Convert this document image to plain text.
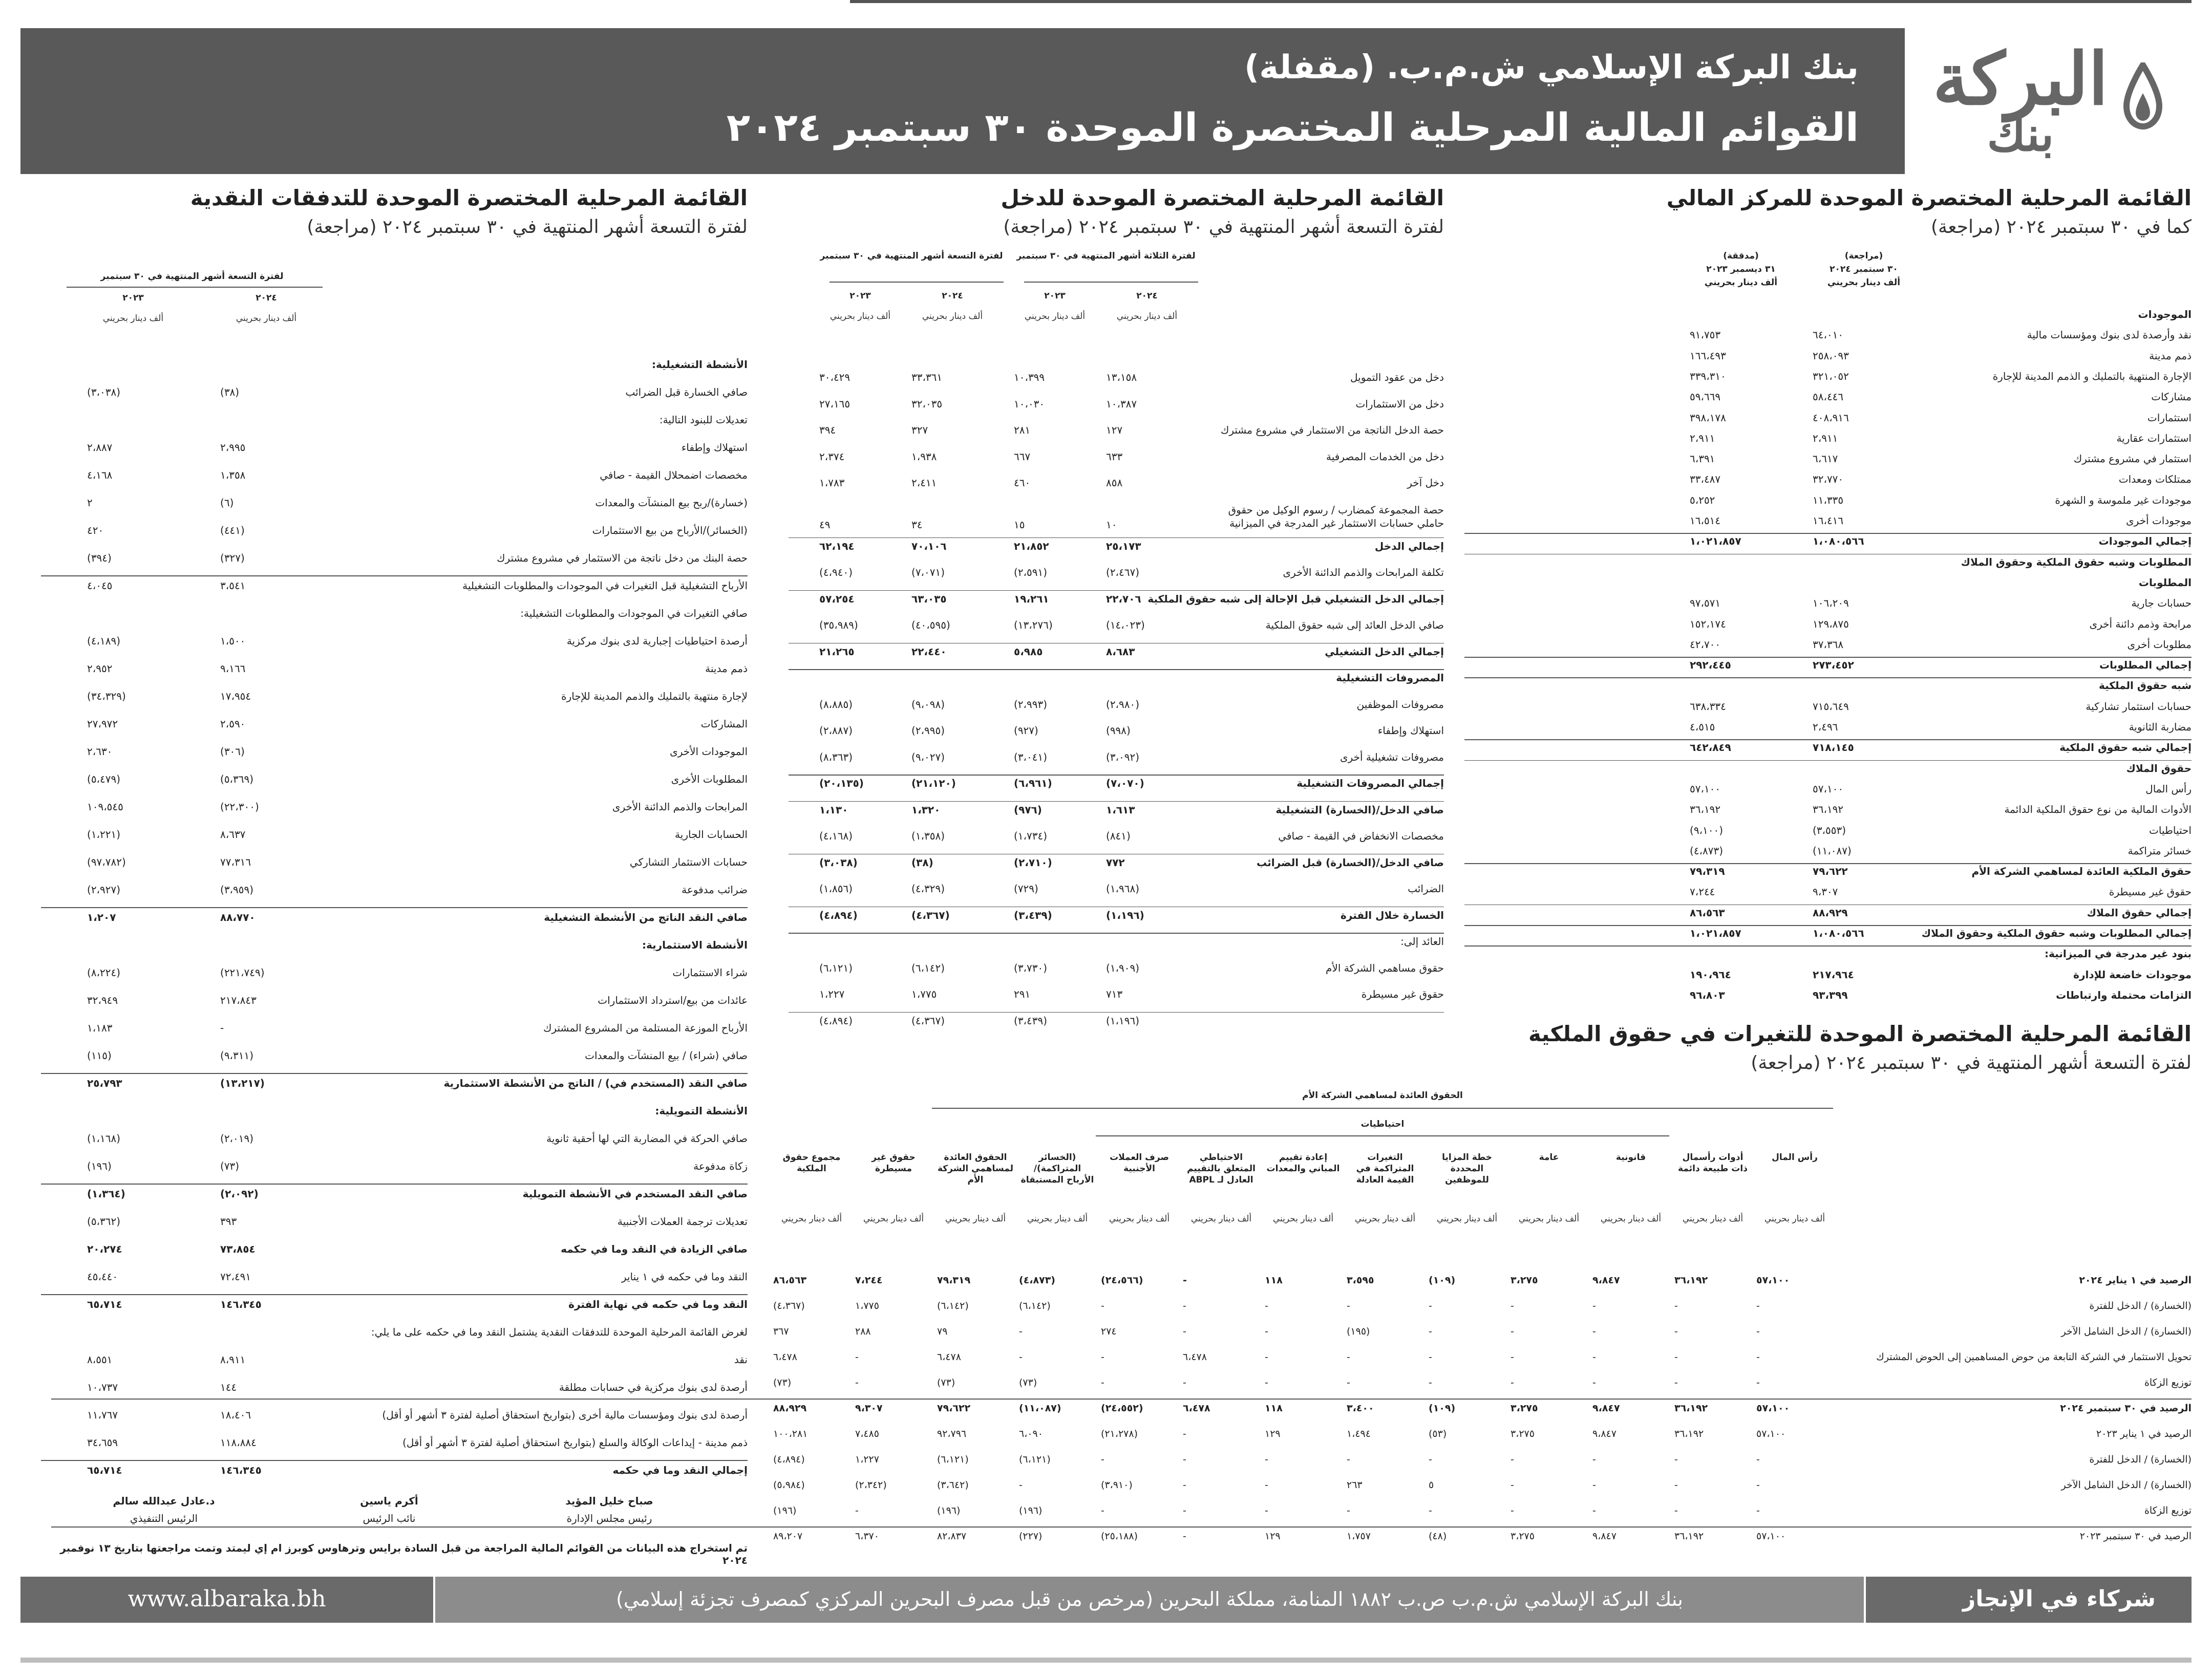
بنك البركة الإسلامي ش.م.ب. (مقفلة)
القوائم المالية المرحلية المختصرة الموحدة ٣٠ سبتمبر ٢٠٢٤
البركة
بنك
القائمة المرحلية المختصرة الموحدة للمركز المالي
كما في ٣٠ سبتمبر ٢٠٢٤ (مراجعة)
القائمة المرحلية المختصرة الموحدة للدخل
لفترة التسعة أشهر المنتهية في ٣٠ سبتمبر ٢٠٢٤ (مراجعة)
القائمة المرحلية المختصرة الموحدة للتدفقات النقدية
لفترة التسعة أشهر المنتهية في ٣٠ سبتمبر ٢٠٢٤ (مراجعة)
القائمة المرحلية المختصرة الموحدة للتغيرات في حقوق الملكية
لفترة التسعة أشهر المنتهية في ٣٠ سبتمبر ٢٠٢٤ (مراجعة)
(مراجعة)
٣٠ سبتمبر ٢٠٢٤
ألف دينار بحريني
(مدققة)
٣١ ديسمبر ٢٠٢٣
ألف دينار بحريني
الموجودات
نقد وأرصدة لدى بنوك ومؤسسات مالية
٦٤،٠١٠
٩١،٧٥٣
ذمم مدينة
٢٥٨،٠٩٣
١٦٦،٤٩٣
الإجارة المنتهية بالتمليك و الذمم المدينة للإجارة
٣٢١،٠٥٢
٣٣٩،٣١٠
مشاركات
٥٨،٤٤٦
٥٩،٦٦٩
استثمارات
٤٠٨،٩١٦
٣٩٨،١٧٨
استثمارات عقارية
٢،٩١١
٢،٩١١
استثمار في مشروع مشترك
٦،٦١٧
٦،٣٩١
ممتلكات ومعدات
٣٢،٧٧٠
٣٣،٤٨٧
موجودات غير ملموسة و الشهرة
١١،٣٣٥
٥،٢٥٢
موجودات أخرى
١٦،٤١٦
١٦،٥١٤
إجمالي الموجودات
١،٠٨٠،٥٦٦
١،٠٢١،٨٥٧
المطلوبات وشبه حقوق الملكية وحقوق الملاك
المطلوبات
حسابات جارية
١٠٦،٢٠٩
٩٧،٥٧١
مرابحة وذمم دائنة أخرى
١٢٩،٨٧٥
١٥٢،١٧٤
مطلوبات أخرى
٣٧،٣٦٨
٤٢،٧٠٠
إجمالي المطلوبات
٢٧٣،٤٥٢
٢٩٢،٤٤٥
شبه حقوق الملكية
حسابات استثمار تشاركية
٧١٥،٦٤٩
٦٣٨،٣٣٤
مضاربة الثانوية
٢،٤٩٦
٤،٥١٥
إجمالي شبه حقوق الملكية
٧١٨،١٤٥
٦٤٢،٨٤٩
حقوق الملاك
رأس المال
٥٧،١٠٠
٥٧،١٠٠
الأدوات المالية من نوع حقوق الملكية الدائمة
٣٦،١٩٢
٣٦،١٩٢
احتياطيات
(٣،٥٥٣)
(٩،١٠٠)
خسائر متراكمة
(١١،٠٨٧)
(٤،٨٧٣)
حقوق الملكية العائدة لمساهمي الشركة الأم
٧٩،٦٢٢
٧٩،٣١٩
حقوق غير مسيطرة
٩،٣٠٧
٧،٢٤٤
إجمالي حقوق الملاك
٨٨،٩٢٩
٨٦،٥٦٣
إجمالي المطلوبات وشبه حقوق الملكية وحقوق الملاك
١،٠٨٠،٥٦٦
١،٠٢١،٨٥٧
بنود غير مدرجة في الميزانية:
موجودات خاضعة للإدارة
٢١٧،٩٦٤
١٩٠،٩٦٤
التزامات محتملة وارتباطات
٩٣،٣٩٩
٩٦،٨٠٣
لفترة الثلاثة أشهر المنتهية في ٣٠ سبتمبر
لفترة التسعة أشهر المنتهية في ٣٠ سبتمبر
٢٠٢٤
ألف دينار بحريني
٢٠٢٣
ألف دينار بحريني
٢٠٢٤
ألف دينار بحريني
٢٠٢٣
ألف دينار بحريني
دخل من عقود التمويل
١٣،١٥٨
١٠،٣٩٩
٣٣،٣٦١
٣٠،٤٢٩
دخل من الاستثمارات
١٠،٣٨٧
١٠،٠٣٠
٣٢،٠٣٥
٢٧،١٦٥
حصة الدخل الناتجة من الاستثمار في مشروع مشترك
١٢٧
٢٨١
٣٢٧
٣٩٤
دخل من الخدمات المصرفية
٦٣٣
٦٦٧
١،٩٣٨
٢،٣٧٤
دخل آخر
٨٥٨
٤٦٠
٢،٤١١
١،٧٨٣
حصة المجموعة كمضارب / رسوم الوكيل من حقوق حاملي حسابات الاستثمار غير المدرجة في الميزانية
١٠
١٥
٣٤
٤٩
إجمالي الدخل
٢٥،١٧٣
٢١،٨٥٢
٧٠،١٠٦
٦٢،١٩٤
تكلفة المرابحات والذمم الدائنة الأخرى
(٢،٤٦٧)
(٢،٥٩١)
(٧،٠٧١)
(٤،٩٤٠)
إجمالي الدخل التشغيلي قبل الإحالة إلى شبه حقوق الملكية
٢٢،٧٠٦
١٩،٢٦١
٦٣،٠٣٥
٥٧،٢٥٤
صافي الدخل العائد إلى شبه حقوق الملكية
(١٤،٠٢٣)
(١٣،٢٧٦)
(٤٠،٥٩٥)
(٣٥،٩٨٩)
إجمالي الدخل التشغيلي
٨،٦٨٣
٥،٩٨٥
٢٢،٤٤٠
٢١،٢٦٥
المصروفات التشغيلية
مصروفات الموظفين
(٢،٩٨٠)
(٢،٩٩٣)
(٩،٠٩٨)
(٨،٨٨٥)
استهلاك وإطفاء
(٩٩٨)
(٩٢٧)
(٢،٩٩٥)
(٢،٨٨٧)
مصروفات تشغيلية أخرى
(٣،٠٩٢)
(٣،٠٤١)
(٩،٠٢٧)
(٨،٣٦٣)
إجمالي المصروفات التشغيلية
(٧،٠٧٠)
(٦،٩٦١)
(٢١،١٢٠)
(٢٠،١٣٥)
صافي الدخل/(الخسارة) التشغيلية
١،٦١٣
(٩٧٦)
١،٣٢٠
١،١٣٠
مخصصات الانخفاض في القيمة - صافي
(٨٤١)
(١،٧٣٤)
(١،٣٥٨)
(٤،١٦٨)
صافي الدخل/(الخسارة) قبل الضرائب
٧٧٢
(٢،٧١٠)
(٣٨)
(٣،٠٣٨)
الضرائب
(١،٩٦٨)
(٧٢٩)
(٤،٣٢٩)
(١،٨٥٦)
الخسارة خلال الفترة
(١،١٩٦)
(٣،٤٣٩)
(٤،٣٦٧)
(٤،٨٩٤)
العائد إلى:
حقوق مساهمي الشركة الأم
(١،٩٠٩)
(٣،٧٣٠)
(٦،١٤٢)
(٦،١٢١)
حقوق غير مسيطرة
٧١٣
٢٩١
١،٧٧٥
١،٢٢٧
(١،١٩٦)
(٣،٤٣٩)
(٤،٣٦٧)
(٤،٨٩٤)
لفترة التسعة أشهر المنتهية في ٣٠ سبتمبر
٢٠٢٤
٢٠٢٣
ألف دينار بحريني
ألف دينار بحريني
الأنشطة التشغيلية:
صافي الخسارة قبل الضرائب
(٣٨)
(٣،٠٣٨)
تعديلات للبنود التالية:
استهلاك وإطفاء
٢،٩٩٥
٢،٨٨٧
مخصصات اضمحلال القيمة - صافي
١،٣٥٨
٤،١٦٨
(خسارة)/ربح بيع المنشآت والمعدات
(٦)
٢
(الخسائر)/الأرباح من بيع الاستثمارات
(٤٤١)
٤٢٠
حصة البنك من دخل ناتجة من الاستثمار في مشروع مشترك
(٣٢٧)
(٣٩٤)
الأرباح التشغيلية قبل التغيرات في الموجودات والمطلوبات التشغيلية
٣،٥٤١
٤،٠٤٥
صافي التغيرات في الموجودات والمطلوبات التشغيلية:
أرصدة احتياطيات إجبارية لدى بنوك مركزية
١،٥٠٠
(٤،١٨٩)
ذمم مدينة
٩،١٦٦
٢،٩٥٢
لإجارة منتهية بالتمليك والذمم المدينة للإجارة
١٧،٩٥٤
(٣٤،٣٢٩)
المشاركات
٢،٥٩٠
٢٧،٩٧٢
الموجودات الأخرى
(٣٠٦)
٢،٦٣٠
المطلوبات الأخرى
(٥،٣٦٩)
(٥،٤٧٩)
المرابحات والذمم الدائنة الأخرى
(٢٢،٣٠٠)
١٠٩،٥٤٥
الحسابات الجارية
٨،٦٣٧
(١،٢٢١)
حسابات الاستثمار التشاركي
٧٧،٣١٦
(٩٧،٧٨٢)
ضرائب مدفوعة
(٣،٩٥٩)
(٢،٩٢٧)
صافي النقد الناتج من الأنشطة التشغيلية
٨٨،٧٧٠
١،٢٠٧
الأنشطة الاستثمارية:
شراء الاستثمارات
(٢٢١،٧٤٩)
(٨،٢٢٤)
عائدات من بيع/استرداد الاستثمارات
٢١٧،٨٤٣
٣٢،٩٤٩
الأرباح الموزعة المستلمة من المشروع المشترك
-
١،١٨٣
صافي (شراء) / بيع المنشآت والمعدات
(٩،٣١١)
(١١٥)
صافي النقد (المستخدم في) / الناتج من الأنشطة الاستثمارية
(١٣،٢١٧)
٢٥،٧٩٣
الأنشطة التمويلية:
صافي الحركة في المضاربة التي لها أحقية ثانوية
(٢،٠١٩)
(١،١٦٨)
زكاة مدفوعة
(٧٣)
(١٩٦)
صافي النقد المستخدم في الأنشطة التمويلية
(٢،٠٩٢)
(١،٣٦٤)
تعديلات ترجمة العملات الأجنبية
٣٩٣
(٥،٣٦٢)
صافي الزيادة في النقد وما في حكمه
٧٣،٨٥٤
٢٠،٢٧٤
النقد وما في حكمه في ١ يناير
٧٢،٤٩١
٤٥،٤٤٠
النقد وما في حكمه في نهاية الفترة
١٤٦،٣٤٥
٦٥،٧١٤
لغرض القائمة المرحلية الموحدة للتدفقات النقدية يشتمل النقد وما في حكمه على ما يلي:
نقد
٨،٩١١
٨،٥٥١
أرصدة لدى بنوك مركزية في حسابات مطلقة
١٤٤
١٠،٧٣٧
أرصدة لدى بنوك ومؤسسات مالية أخرى (بتواريخ استحقاق أصلية لفترة ٣ أشهر أو أقل)
١٨،٤٠٦
١١،٧٦٧
ذمم مدينة - إيداعات الوكالة والسلع (بتواريخ استحقاق أصلية لفترة ٣ أشهر أو أقل)
١١٨،٨٨٤
٣٤،٦٥٩
إجمالي النقد وما في حكمه
١٤٦،٣٤٥
٦٥،٧١٤
صباح خليل المؤيد
رئيس مجلس الإدارة
أكرم ياسين
نائب الرئيس
د.عادل عبدالله سالم
الرئيس التنفيذي
تم استخراج هذه البيانات من القوائم المالية المراجعة من قبل السادة برايس وترهاوس كوبرز ام إي ليمتد وتمت مراجعتها بتاريخ ١٣ نوفمبر ٢٠٢٤
الحقوق العائدة لمساهمي الشركة الأم
احتياطيات
رأس المال
ألف دينار بحريني
أدوات رأسمال ذات طبيعة دائمة
ألف دينار بحريني
قانونية
ألف دينار بحريني
عامة
ألف دينار بحريني
خطة المزايا المحددة للموظفين
ألف دينار بحريني
التغيرات المتراكمة في القيمة العادلة
ألف دينار بحريني
إعادة تقييم المباني والمعدات
ألف دينار بحريني
الاحتياطي المتعلق بالتقييم العادل لـ ABPL
ألف دينار بحريني
صرف العملات الأجنبية
ألف دينار بحريني
(الخسائر المتراكمة)/ الأرباح المستبقاة
ألف دينار بحريني
الحقوق العائدة لمساهمي الشركة الأم
ألف دينار بحريني
حقوق غير مسيطرة
ألف دينار بحريني
مجموع حقوق الملكية
ألف دينار بحريني
الرصيد في ١ يناير ٢٠٢٤
٥٧،١٠٠
٣٦،١٩٢
٩،٨٤٧
٣،٢٧٥
(١٠٩)
٣،٥٩٥
١١٨
-
(٢٤،٥٦٦)
(٤،٨٧٣)
٧٩،٣١٩
٧،٢٤٤
٨٦،٥٦٣
(الخسارة) / الدخل للفترة
-
-
-
-
-
-
-
-
-
(٦،١٤٢)
(٦،١٤٢)
١،٧٧٥
(٤،٣٦٧)
(الخسارة) / الدخل الشامل الآخر
-
-
-
-
-
(١٩٥)
-
-
٢٧٤
-
٧٩
٢٨٨
٣٦٧
تحويل الاستثمار في الشركة التابعة من حوض المساهمين إلى الحوض المشترك
-
-
-
-
-
-
-
٦،٤٧٨
-
-
٦،٤٧٨
-
٦،٤٧٨
توزيع الزكاة
-
-
-
-
-
-
-
-
-
(٧٣)
(٧٣)
-
(٧٣)
الرصيد في ٣٠ سبتمبر ٢٠٢٤
٥٧،١٠٠
٣٦،١٩٢
٩،٨٤٧
٣،٢٧٥
(١٠٩)
٣،٤٠٠
١١٨
٦،٤٧٨
(٢٤،٥٥٢)
(١١،٠٨٧)
٧٩،٦٢٢
٩،٣٠٧
٨٨،٩٢٩
الرصيد في ١ يناير ٢٠٢٣
٥٧،١٠٠
٣٦،١٩٢
٩،٨٤٧
٣،٢٧٥
(٥٣)
١،٤٩٤
١٢٩
-
(٢١،٢٧٨)
٦،٠٩٠
٩٢،٧٩٦
٧،٤٨٥
١٠٠،٢٨١
(الخسارة) / الدخل للفترة
-
-
-
-
-
-
-
-
-
(٦،١٢١)
(٦،١٢١)
١،٢٢٧
(٤،٨٩٤)
(الخسارة) / الدخل الشامل الآخر
-
-
-
-
٥
٢٦٣
-
-
(٣،٩١٠)
-
(٣،٦٤٢)
(٢،٣٤٢)
(٥،٩٨٤)
توزيع الزكاة
-
-
-
-
-
-
-
-
-
(١٩٦)
(١٩٦)
-
(١٩٦)
الرصيد في ٣٠ سبتمبر ٢٠٢٣
٥٧،١٠٠
٣٦،١٩٢
٩،٨٤٧
٣،٢٧٥
(٤٨)
١،٧٥٧
١٢٩
-
(٢٥،١٨٨)
(٢٢٧)
٨٢،٨٣٧
٦،٣٧٠
٨٩،٢٠٧
www.albaraka.bh	بنك البركة الإسلامي ش.م.ب ص.ب ١٨٨٢ المنامة، مملكة البحرين (مرخص من قبل مصرف البحرين المركزي كمصرف تجزئة إسلامي)	شركاء في الإنجاز
